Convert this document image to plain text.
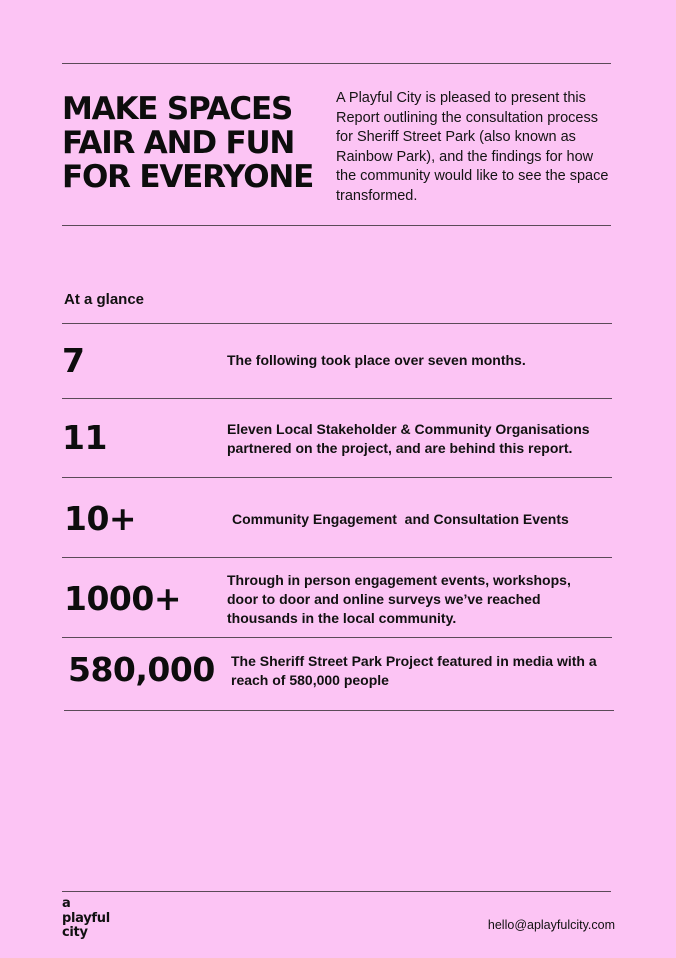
MAKE SPACES
FAIR AND FUN
FOR EVERYONE

A Playful City is pleased to present this Report outlining the consultation process for Sheriff Street Park (also known as Rainbow Park), and the findings for how the community would like to see the space transformed.

At a glance
7	The following took place over seven months.
11	Eleven Local Stakeholder & Community Organisations partnered on the project, and are behind this report.
10+	Community Engagement  and Consultation Events
1000+	Through in person engagement events, workshops, door to door and online surveys we’ve reached thousands in the local community.
580,000 The Sheriff Street Park Project featured in media with a reach of 580,000 people
a
playful
city	hello@aplayfulcity.com
